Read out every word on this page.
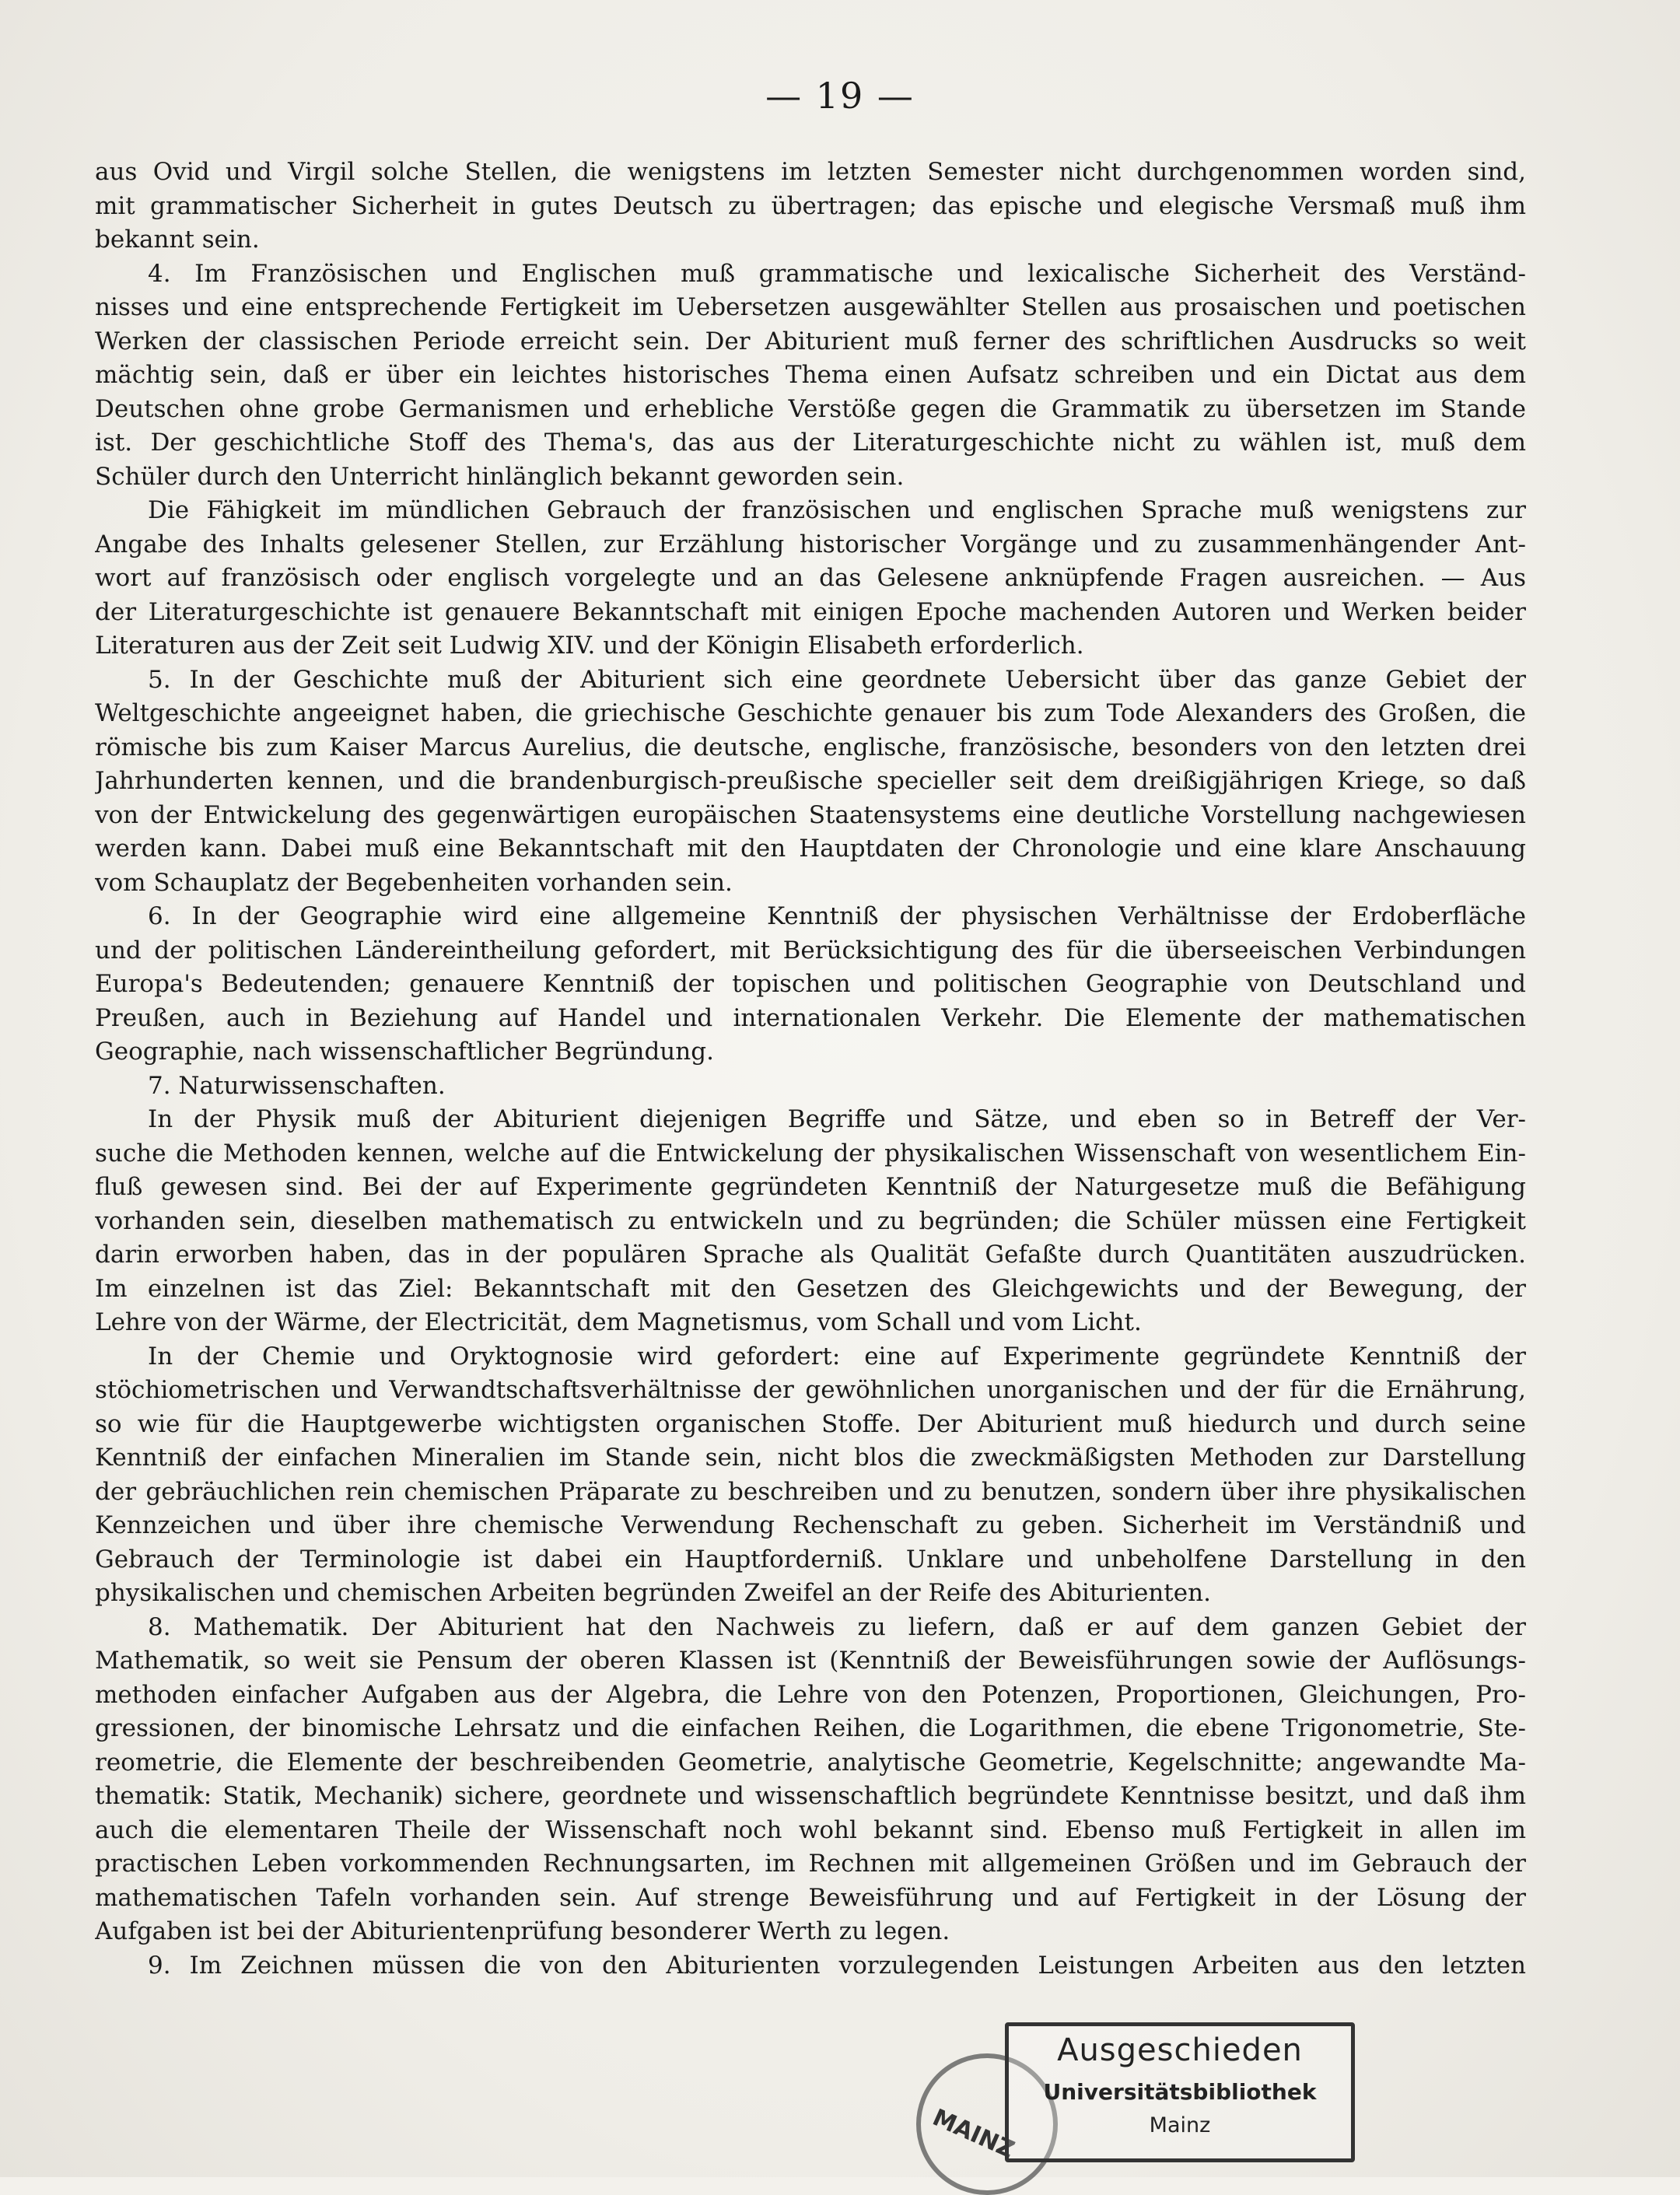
— 19 —
aus Ovid und Virgil solche Stellen, die wenigstens im letzten Semester nicht durchgenommen worden sind,
mit grammatischer Sicherheit in gutes Deutsch zu übertragen; das epische und elegische Versmaß muß ihm
bekannt sein.
4. Im Französischen und Englischen muß grammatische und lexicalische Sicherheit des Verständ-
nisses und eine entsprechende Fertigkeit im Uebersetzen ausgewählter Stellen aus prosaischen und poetischen
Werken der classischen Periode erreicht sein. Der Abiturient muß ferner des schriftlichen Ausdrucks so weit
mächtig sein, daß er über ein leichtes historisches Thema einen Aufsatz schreiben und ein Dictat aus dem
Deutschen ohne grobe Germanismen und erhebliche Verstöße gegen die Grammatik zu übersetzen im Stande
ist. Der geschichtliche Stoff des Thema's, das aus der Literaturgeschichte nicht zu wählen ist, muß dem
Schüler durch den Unterricht hinlänglich bekannt geworden sein.
Die Fähigkeit im mündlichen Gebrauch der französischen und englischen Sprache muß wenigstens zur
Angabe des Inhalts gelesener Stellen, zur Erzählung historischer Vorgänge und zu zusammenhängender Ant-
wort auf französisch oder englisch vorgelegte und an das Gelesene anknüpfende Fragen ausreichen. — Aus
der Literaturgeschichte ist genauere Bekanntschaft mit einigen Epoche machenden Autoren und Werken beider
Literaturen aus der Zeit seit Ludwig XIV. und der Königin Elisabeth erforderlich.
5. In der Geschichte muß der Abiturient sich eine geordnete Uebersicht über das ganze Gebiet der
Weltgeschichte angeeignet haben, die griechische Geschichte genauer bis zum Tode Alexanders des Großen, die
römische bis zum Kaiser Marcus Aurelius, die deutsche, englische, französische, besonders von den letzten drei
Jahrhunderten kennen, und die brandenburgisch-preußische specieller seit dem dreißigjährigen Kriege, so daß
von der Entwickelung des gegenwärtigen europäischen Staatensystems eine deutliche Vorstellung nachgewiesen
werden kann. Dabei muß eine Bekanntschaft mit den Hauptdaten der Chronologie und eine klare Anschauung
vom Schauplatz der Begebenheiten vorhanden sein.
6. In der Geographie wird eine allgemeine Kenntniß der physischen Verhältnisse der Erdoberfläche
und der politischen Ländereintheilung gefordert, mit Berücksichtigung des für die überseeischen Verbindungen
Europa's Bedeutenden; genauere Kenntniß der topischen und politischen Geographie von Deutschland und
Preußen, auch in Beziehung auf Handel und internationalen Verkehr. Die Elemente der mathematischen
Geographie, nach wissenschaftlicher Begründung.
7. Naturwissenschaften.
In der Physik muß der Abiturient diejenigen Begriffe und Sätze, und eben so in Betreff der Ver-
suche die Methoden kennen, welche auf die Entwickelung der physikalischen Wissenschaft von wesentlichem Ein-
fluß gewesen sind. Bei der auf Experimente gegründeten Kenntniß der Naturgesetze muß die Befähigung
vorhanden sein, dieselben mathematisch zu entwickeln und zu begründen; die Schüler müssen eine Fertigkeit
darin erworben haben, das in der populären Sprache als Qualität Gefaßte durch Quantitäten auszudrücken.
Im einzelnen ist das Ziel: Bekanntschaft mit den Gesetzen des Gleichgewichts und der Bewegung, der
Lehre von der Wärme, der Electricität, dem Magnetismus, vom Schall und vom Licht.
In der Chemie und Oryktognosie wird gefordert: eine auf Experimente gegründete Kenntniß der
stöchiometrischen und Verwandtschaftsverhältnisse der gewöhnlichen unorganischen und der für die Ernährung,
so wie für die Hauptgewerbe wichtigsten organischen Stoffe. Der Abiturient muß hiedurch und durch seine
Kenntniß der einfachen Mineralien im Stande sein, nicht blos die zweckmäßigsten Methoden zur Darstellung
der gebräuchlichen rein chemischen Präparate zu beschreiben und zu benutzen, sondern über ihre physikalischen
Kennzeichen und über ihre chemische Verwendung Rechenschaft zu geben. Sicherheit im Verständniß und
Gebrauch der Terminologie ist dabei ein Hauptforderniß. Unklare und unbeholfene Darstellung in den
physikalischen und chemischen Arbeiten begründen Zweifel an der Reife des Abiturienten.
8. Mathematik. Der Abiturient hat den Nachweis zu liefern, daß er auf dem ganzen Gebiet der
Mathematik, so weit sie Pensum der oberen Klassen ist (Kenntniß der Beweisführungen sowie der Auflösungs-
methoden einfacher Aufgaben aus der Algebra, die Lehre von den Potenzen, Proportionen, Gleichungen, Pro-
gressionen, der binomische Lehrsatz und die einfachen Reihen, die Logarithmen, die ebene Trigonometrie, Ste-
reometrie, die Elemente der beschreibenden Geometrie, analytische Geometrie, Kegelschnitte; angewandte Ma-
thematik: Statik, Mechanik) sichere, geordnete und wissenschaftlich begründete Kenntnisse besitzt, und daß ihm
auch die elementaren Theile der Wissenschaft noch wohl bekannt sind. Ebenso muß Fertigkeit in allen im
practischen Leben vorkommenden Rechnungsarten, im Rechnen mit allgemeinen Größen und im Gebrauch der
mathematischen Tafeln vorhanden sein. Auf strenge Beweisführung und auf Fertigkeit in der Lösung der
Aufgaben ist bei der Abiturientenprüfung besonderer Werth zu legen.
9. Im Zeichnen müssen die von den Abiturienten vorzulegenden Leistungen Arbeiten aus den letzten
MAINZ
Ausgeschieden
Universitätsbibliothek
Mainz
